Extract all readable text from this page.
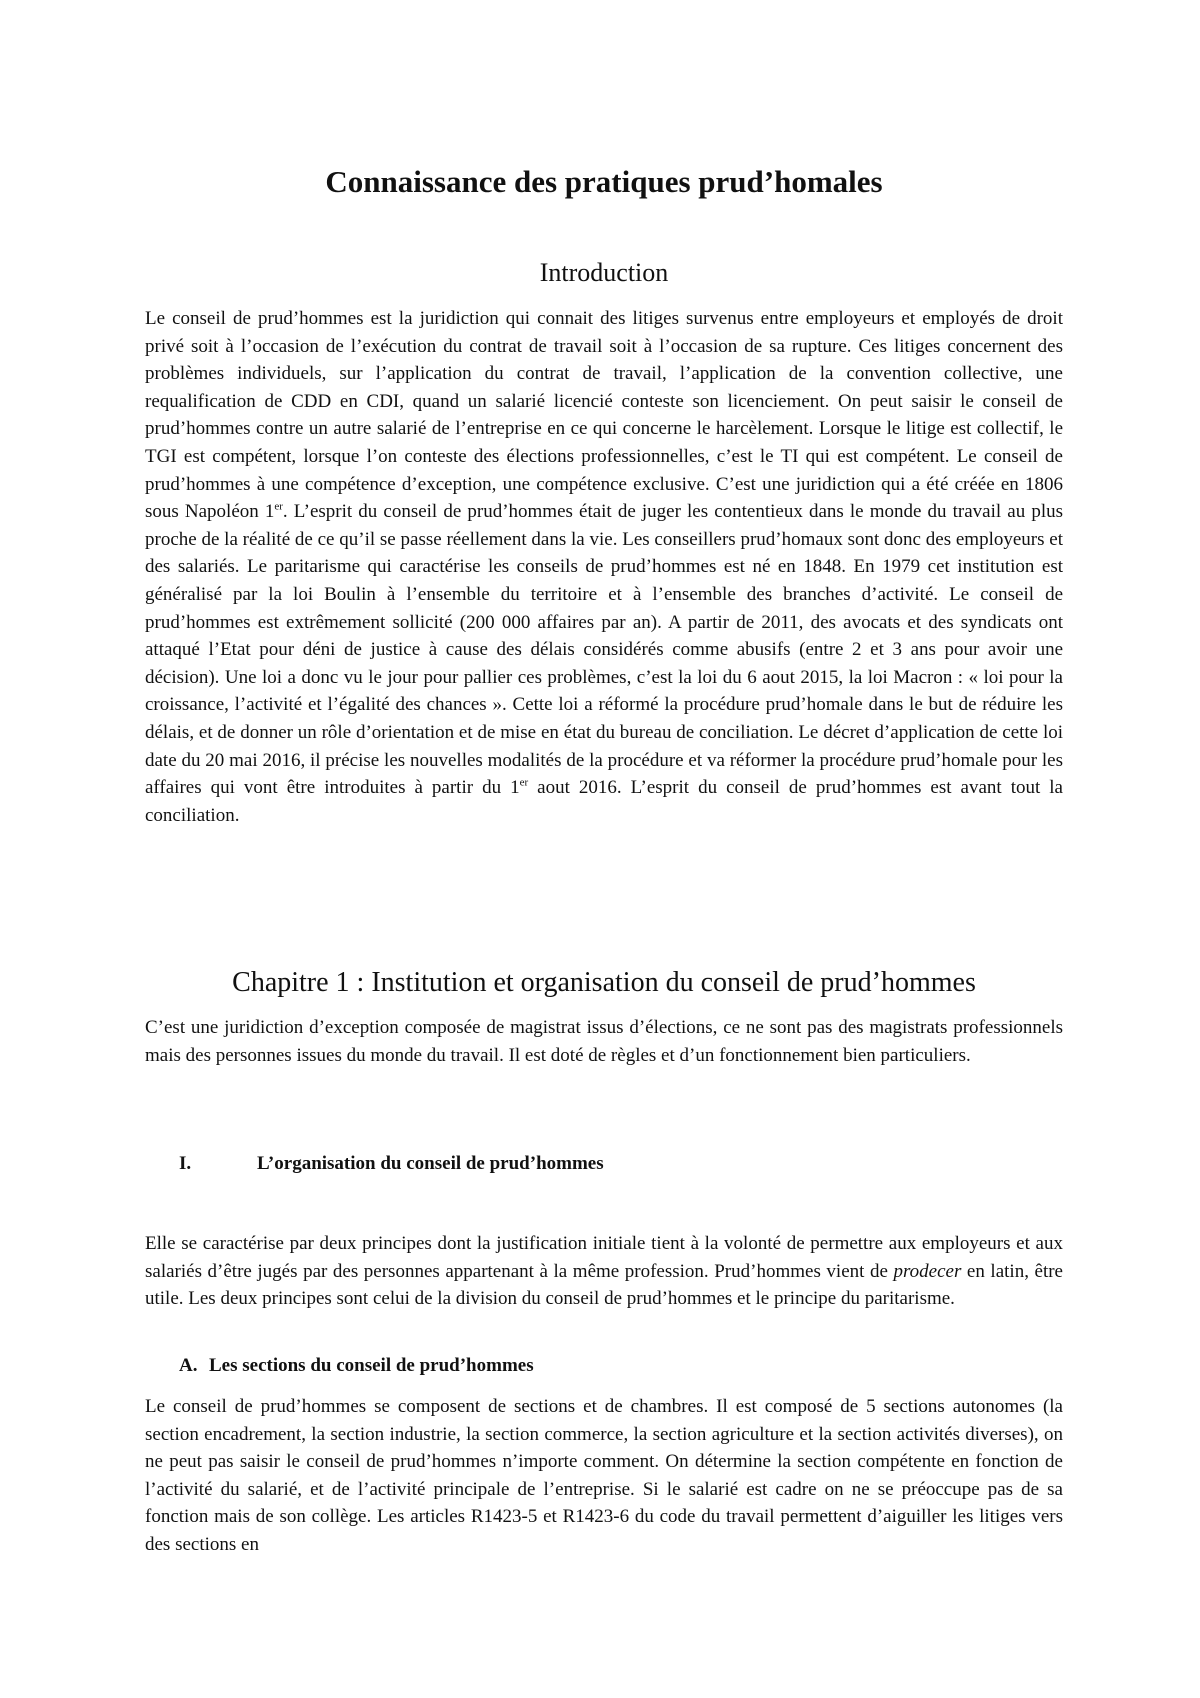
Connaissance des pratiques prud’homales
Introduction

Le conseil de prud’hommes est la juridiction qui connait des litiges survenus entre employeurs et employés de droit privé soit à l’occasion de l’exécution du contrat de travail soit à l’occasion de sa rupture. Ces litiges concernent des problèmes individuels, sur l’application du contrat de travail, l’application de la convention collective, une requalification de CDD en CDI, quand un salarié licencié conteste son licenciement. On peut saisir le conseil de prud’hommes contre un autre salarié de l’entreprise en ce qui concerne le harcèlement. Lorsque le litige est collectif, le TGI est compétent, lorsque l’on conteste des élections professionnelles, c’est le TI qui est compétent. Le conseil de prud’hommes à une compétence d’exception, une compétence exclusive. C’est une juridiction qui a été créée en 1806 sous Napoléon 1er. L’esprit du conseil de prud’hommes était de juger les contentieux dans le monde du travail au plus proche de la réalité de ce qu’il se passe réellement dans la vie. Les conseillers prud’homaux sont donc des employeurs et des salariés. Le paritarisme qui caractérise les conseils de prud’hommes est né en 1848. En 1979 cet institution est généralisé par la loi Boulin à l’ensemble du territoire et à l’ensemble des branches d’activité. Le conseil de prud’hommes est extrêmement sollicité (200 000 affaires par an). A partir de 2011, des avocats et des syndicats ont attaqué l’Etat pour déni de justice à cause des délais considérés comme abusifs (entre 2 et 3 ans pour avoir une décision). Une loi a donc vu le jour pour pallier ces problèmes, c’est la loi du 6 aout 2015, la loi Macron : « loi pour la croissance, l’activité et l’égalité des chances ». Cette loi a réformé la procédure prud’homale dans le but de réduire les délais, et de donner un rôle d’orientation et de mise en état du bureau de conciliation. Le décret d’application de cette loi date du 20 mai 2016, il précise les nouvelles modalités de la procédure et va réformer la procédure prud’homale pour les affaires qui vont être introduites à partir du 1er aout 2016. L’esprit du conseil de prud’hommes est avant tout la conciliation.

Chapitre 1 : Institution et organisation du conseil de prud’hommes

C’est une juridiction d’exception composée de magistrat issus d’élections, ce ne sont pas des magistrats professionnels mais des personnes issues du monde du travail. Il est doté de règles et d’un fonctionnement bien particuliers.

I.	L’organisation du conseil de prud’hommes

Elle se caractérise par deux principes dont la justification initiale tient à la volonté de permettre aux employeurs et aux salariés d’être jugés par des personnes appartenant à la même profession. Prud’hommes vient de prodecer en latin, être utile. Les deux principes sont celui de la division du conseil de prud’hommes et le principe du paritarisme.

A. Les sections du conseil de prud’hommes

Le conseil de prud’hommes se composent de sections et de chambres. Il est composé de 5 sections autonomes (la section encadrement, la section industrie, la section commerce, la section agriculture et la section activités diverses), on ne peut pas saisir le conseil de prud’hommes n’importe comment. On détermine la section compétente en fonction de l’activité du salarié, et de l’activité principale de l’entreprise. Si le salarié est cadre on ne se préoccupe pas de sa fonction mais de son collège. Les articles R1423-5 et R1423-6 du code du travail permettent d’aiguiller les litiges vers des sections en
